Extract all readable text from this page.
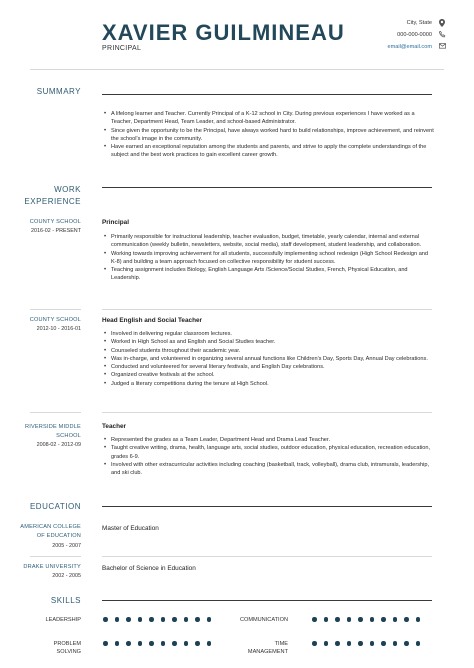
XAVIER GUILMINEAU
PRINCIPAL
City, State
000-000-0000
email@email.com
SUMMARY
• A lifelong learner and Teacher. Currently Principal of a K-12 school in City. During previous experiences I have worked as a Teacher, Department Head, Team Leader, and school-based Administrator.
• Since given the opportunity to be the Principal, have always worked hard to build relationships, improve achievement, and reinvent the school's image in the community.
• Have earned an exceptional reputation among the students and parents, and strive to apply the complete understandings of the subject and the best work practices to gain excellent career growth.
WORK
EXPERIENCE
COUNTY SCHOOL
2016-02 - PRESENT
Principal
• Primarily responsible for instructional leadership, teacher evaluation, budget, timetable, yearly calendar, internal and external communication (weekly bulletin, newsletters, website, social media), staff development, student leadership, and collaboration.
• Working towards improving achievement for all students, successfully implementing school redesign (High School Redesign and K-8) and building a team approach focused on collective responsibility for student success.
• Teaching assignment includes Biology, English Language Arts /Science/Social Studies, French, Physical Education, and Leadership.
COUNTY SCHOOL
2012-10 - 2016-01
Head English and Social Teacher
• Involved in delivering regular classroom lectures.
• Worked in High School as and English and Social Studies teacher.
• Counseled students throughout their academic year.
• Was in-charge, and volunteered in organizing several annual functions like Children's Day, Sports Day, Annual Day celebrations.
• Conducted and volunteered for several literary festivals, and English Day celebrations.
• Organized creative festivals at the school.
• Judged a literary competitions during the tenure at High School.
RIVERSIDE MIDDLE
SCHOOL
2008-02 - 2012-09
Teacher
• Represented the grades as a Team Leader, Department Head and Drama Lead Teacher.
• Taught creative writing, drama, health, language arts, social studies, outdoor education, physical education, recreation education, grades 6-9.
• Involved with other extracurricular activities including coaching (basketball, track, volleyball), drama club, intramurals, leadership, and ski club.
EDUCATION
AMERICAN COLLEGE
OF EDUCATION
2005 - 2007
Master of Education
DRAKE UNIVERSITY
2002 - 2005
Bachelor of Science in Education
SKILLS
LEADERSHIP	COMMUNICATION
PROBLEM
SOLVING
TIME
MANAGEMENT
